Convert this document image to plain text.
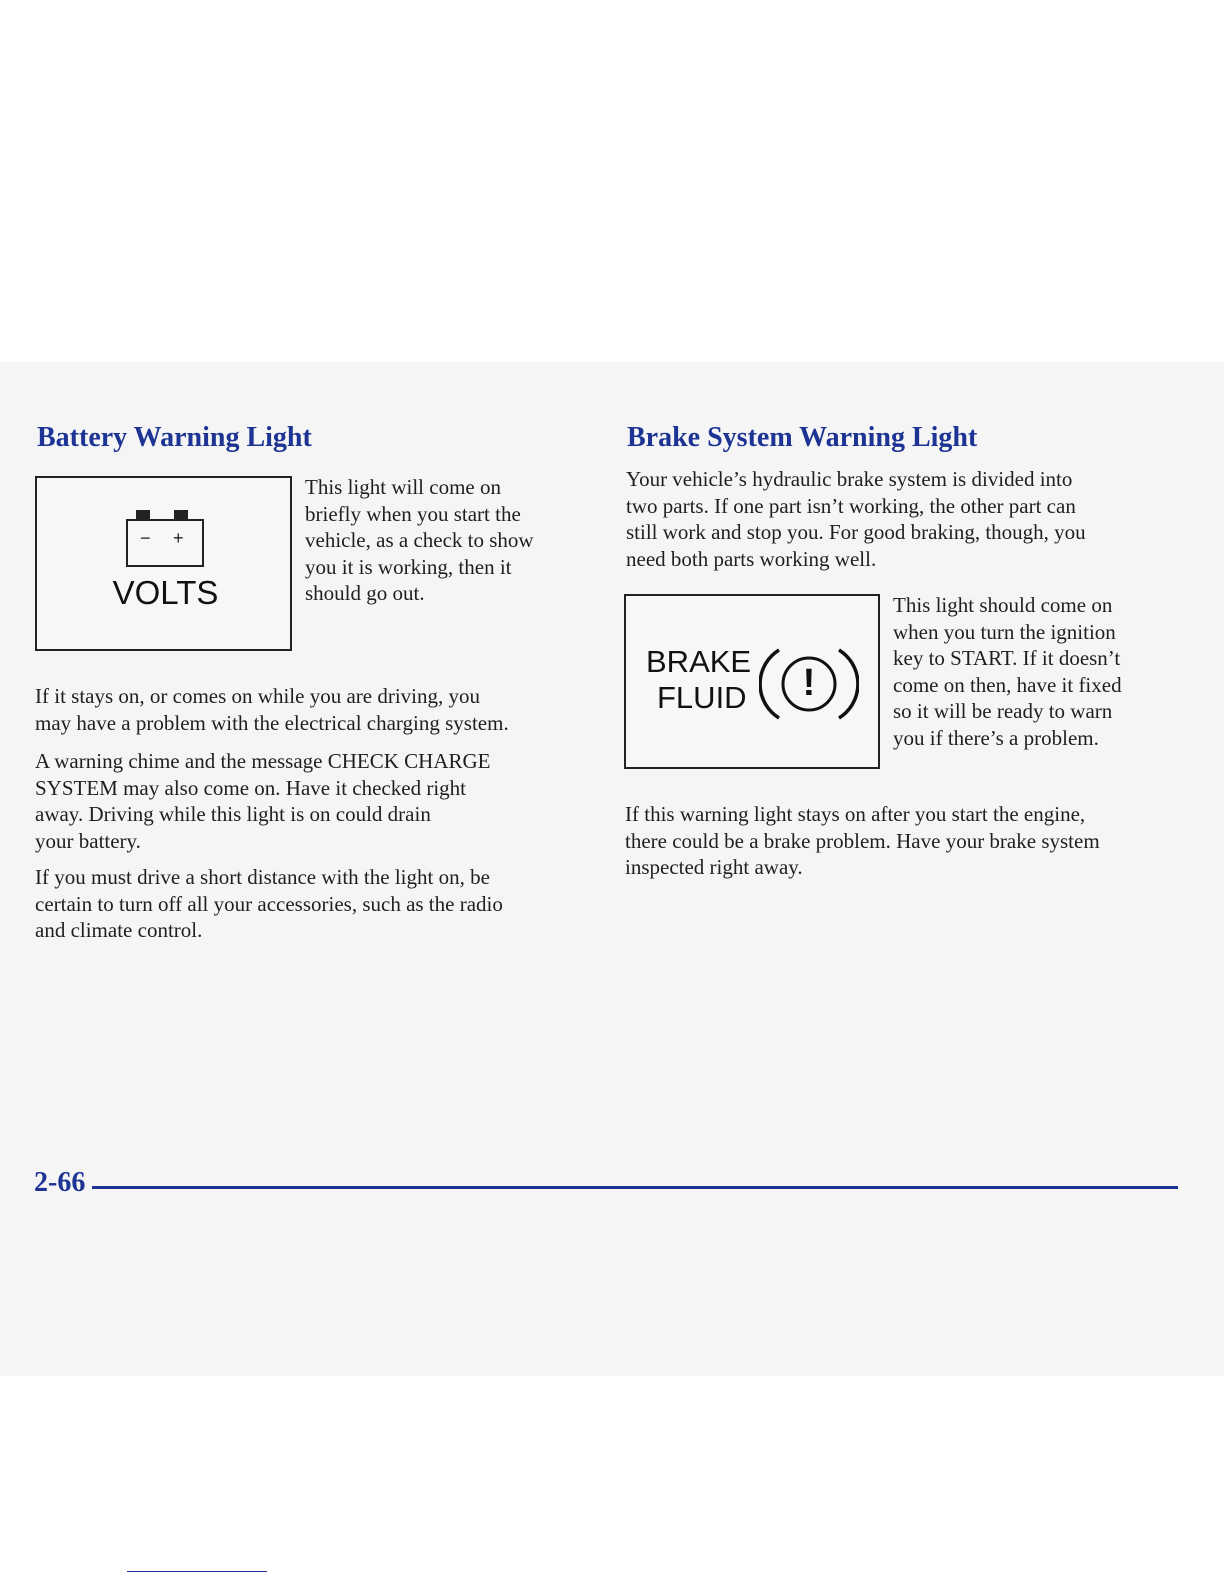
Battery Warning Light
− +
VOLTS
This light will come on
briefly when you start the
vehicle, as a check to show
you it is working, then it
should go out.
If it stays on, or comes on while you are driving, you
may have a problem with the electrical charging system.
A warning chime and the message CHECK CHARGE
SYSTEM may also come on. Have it checked right
away. Driving while this light is on could drain
your battery.
If you must drive a short distance with the light on, be
certain to turn off all your accessories, such as the radio
and climate control.
Brake System Warning Light
Your vehicle’s hydraulic brake system is divided into
two parts. If one part isn’t working, the other part can
still work and stop you. For good braking, though, you
need both parts working well.
BRAKE
FLUID	!
This light should come on
when you turn the ignition
key to START. If it doesn’t
come on then, have it fixed
so it will be ready to warn
you if there’s a problem.
If this warning light stays on after you start the engine,
there could be a brake problem. Have your brake system
inspected right away.
2-66
